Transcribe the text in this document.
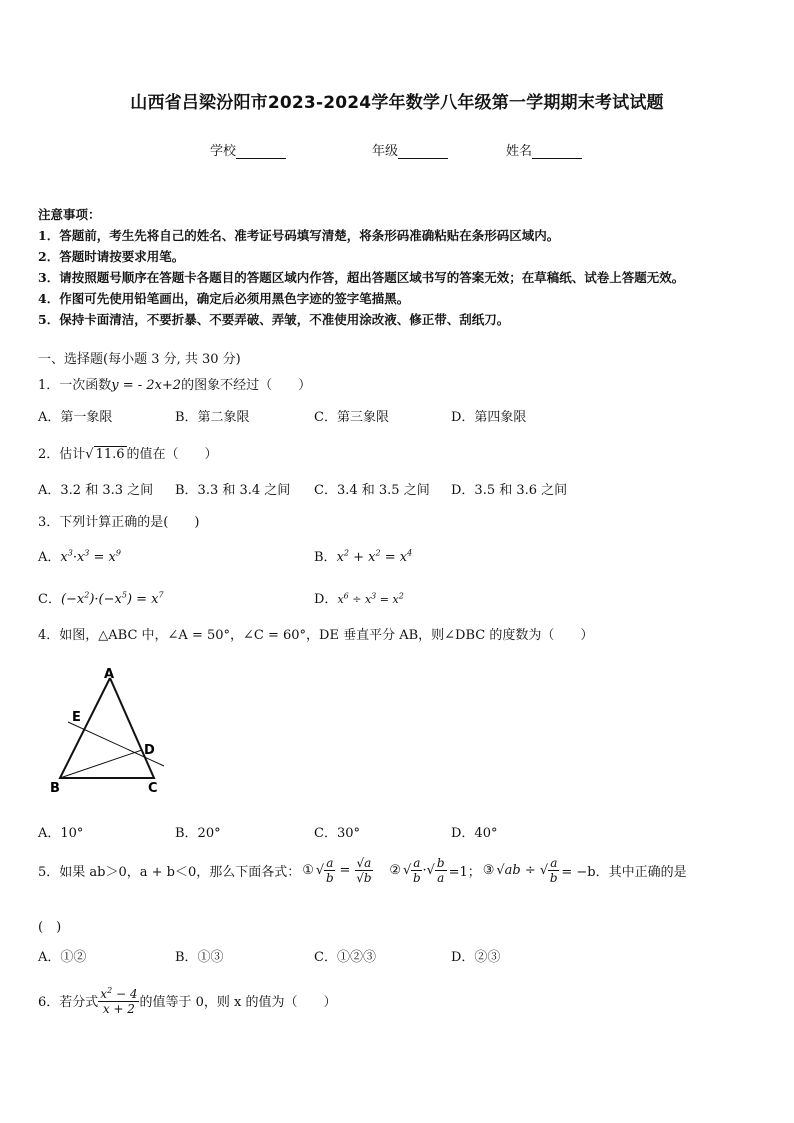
山西省吕梁汾阳市2023-2024学年数学八年级第一学期期末考试试题
学校	年级	姓名
注意事项：
1．答题前，考生先将自己的姓名、准考证号码填写清楚，将条形码准确粘贴在条形码区域内。
2．答题时请按要求用笔。
3．请按照题号顺序在答题卡各题目的答题区域内作答，超出答题区域书写的答案无效；在草稿纸、试卷上答题无效。
4．作图可先使用铅笔画出，确定后必须用黑色字迹的签字笔描黑。
5．保持卡面清洁，不要折暴、不要弄破、弄皱，不准使用涂改液、修正带、刮纸刀。
一、选择题(每小题 3 分, 共 30 分)
1．一次函数y = - 2x+2的图象不经过（　　）
A．第一象限	B．第二象限	C．第三象限	D．第四象限
2．估计√ 11.6 的值在（　　）
A．3.2 和 3.3 之间 B．3.3 和 3.4 之间 C．3.4 和 3.5 之间 D．3.5 和 3.6 之间
3．下列计算正确的是(　　)
A．$x^3\cdot x^3 = x^9$	B．$x^2 + x^2 = x^4$
C．$(-x^2)\cdot(-x^5) = x^7$	D．$x^6 \div x^3 = x^2$
4．如图，△ABC 中，∠A = 50°，∠C = 60°，DE 垂直平分 AB，则∠DBC 的度数为（　　）
A
B	C
D
E
A．10°	B．20°	C．30°	D．40°
5．如果 ab＞0，a + b＜0，那么下面各式： ① √ $\frac{a}{b} = \frac{√a}{√b}$ ② √ $\frac{a}{b}$ ·√ $\frac{b}{a} =1$； ③ √ab ÷ √ $\frac{a}{b} = -b$．其中正确的是
(　)
A．①②	B．①③	C．①②③	D．②③
6．若分式 $\frac{x^2 - 4}{x + 2}$ 的值等于 0，则 x 的值为（　　）
